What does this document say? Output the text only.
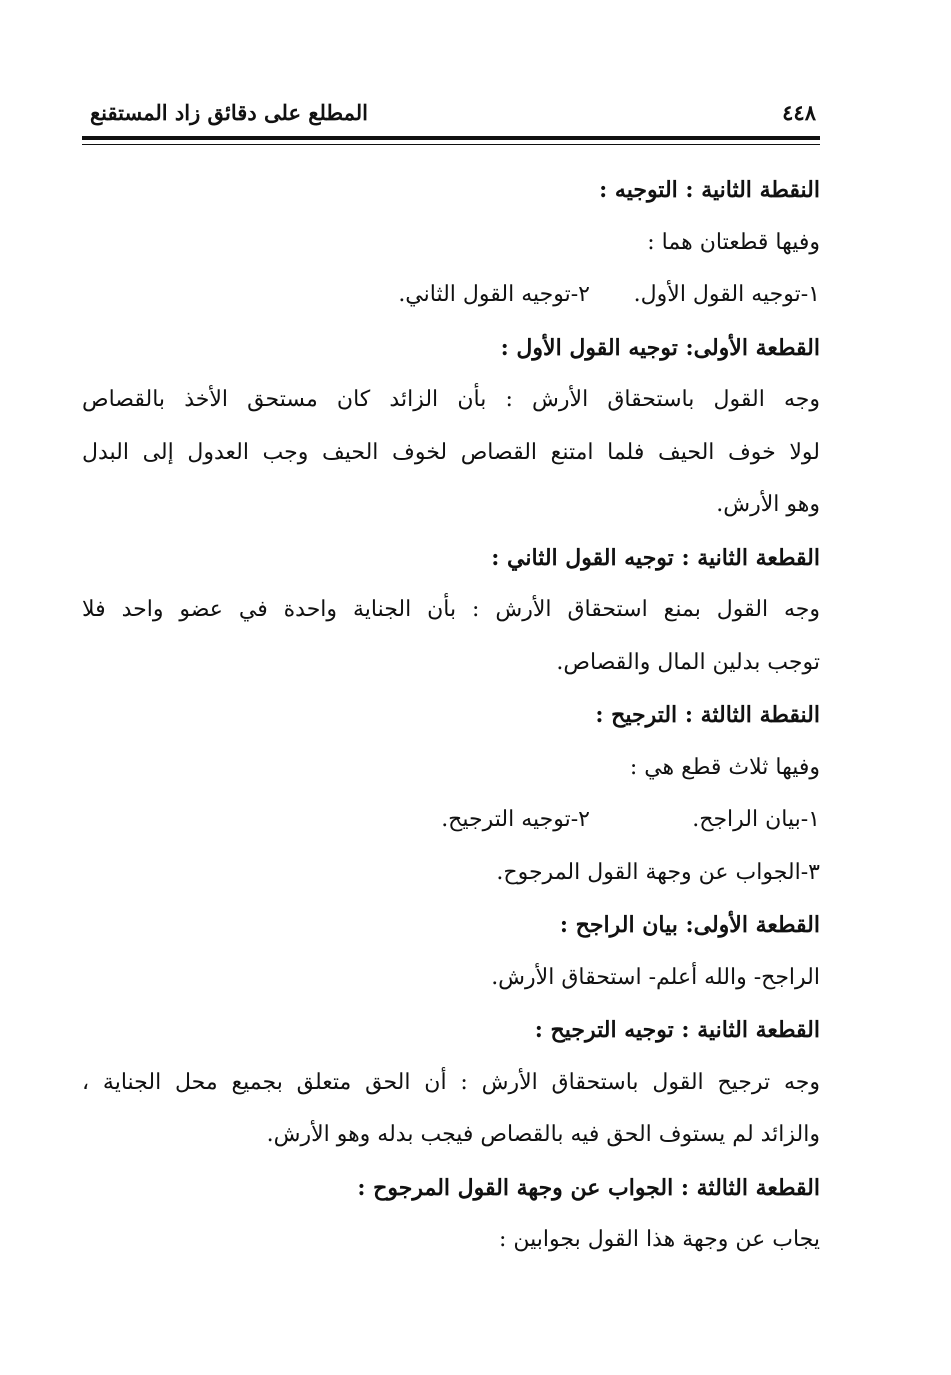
٤٤٨
المطلع على دقائق زاد المستقنع
النقطة الثانية : التوجيه :
وفيها قطعتان هما :
١-توجيه القول الأول.
٢-توجيه القول الثاني.
القطعة الأولى: توجيه القول الأول :
وجه القول باستحقاق الأرش : بأن الزائد كان مستحق الأخذ بالقصاص
لولا خوف الحيف فلما امتنع القصاص لخوف الحيف وجب العدول إلى البدل
وهو الأرش.
القطعة الثانية : توجيه القول الثاني :
وجه القول بمنع استحقاق الأرش : بأن الجناية واحدة في عضو واحد فلا
توجب بدلين المال والقصاص.
النقطة الثالثة : الترجيح :
وفيها ثلاث قطع هي :
١-بيان الراجح.
٢-توجيه الترجيح.
٣-الجواب عن وجهة القول المرجوح.
القطعة الأولى: بيان الراجح :
الراجح- والله أعلم- استحقاق الأرش.
القطعة الثانية : توجيه الترجيح :
وجه ترجيح القول باستحقاق الأرش : أن الحق متعلق بجميع محل الجناية ،
والزائد لم يستوف الحق فيه بالقصاص فيجب بدله وهو الأرش.
القطعة الثالثة : الجواب عن وجهة القول المرجوح :
يجاب عن وجهة هذا القول بجوابين :
